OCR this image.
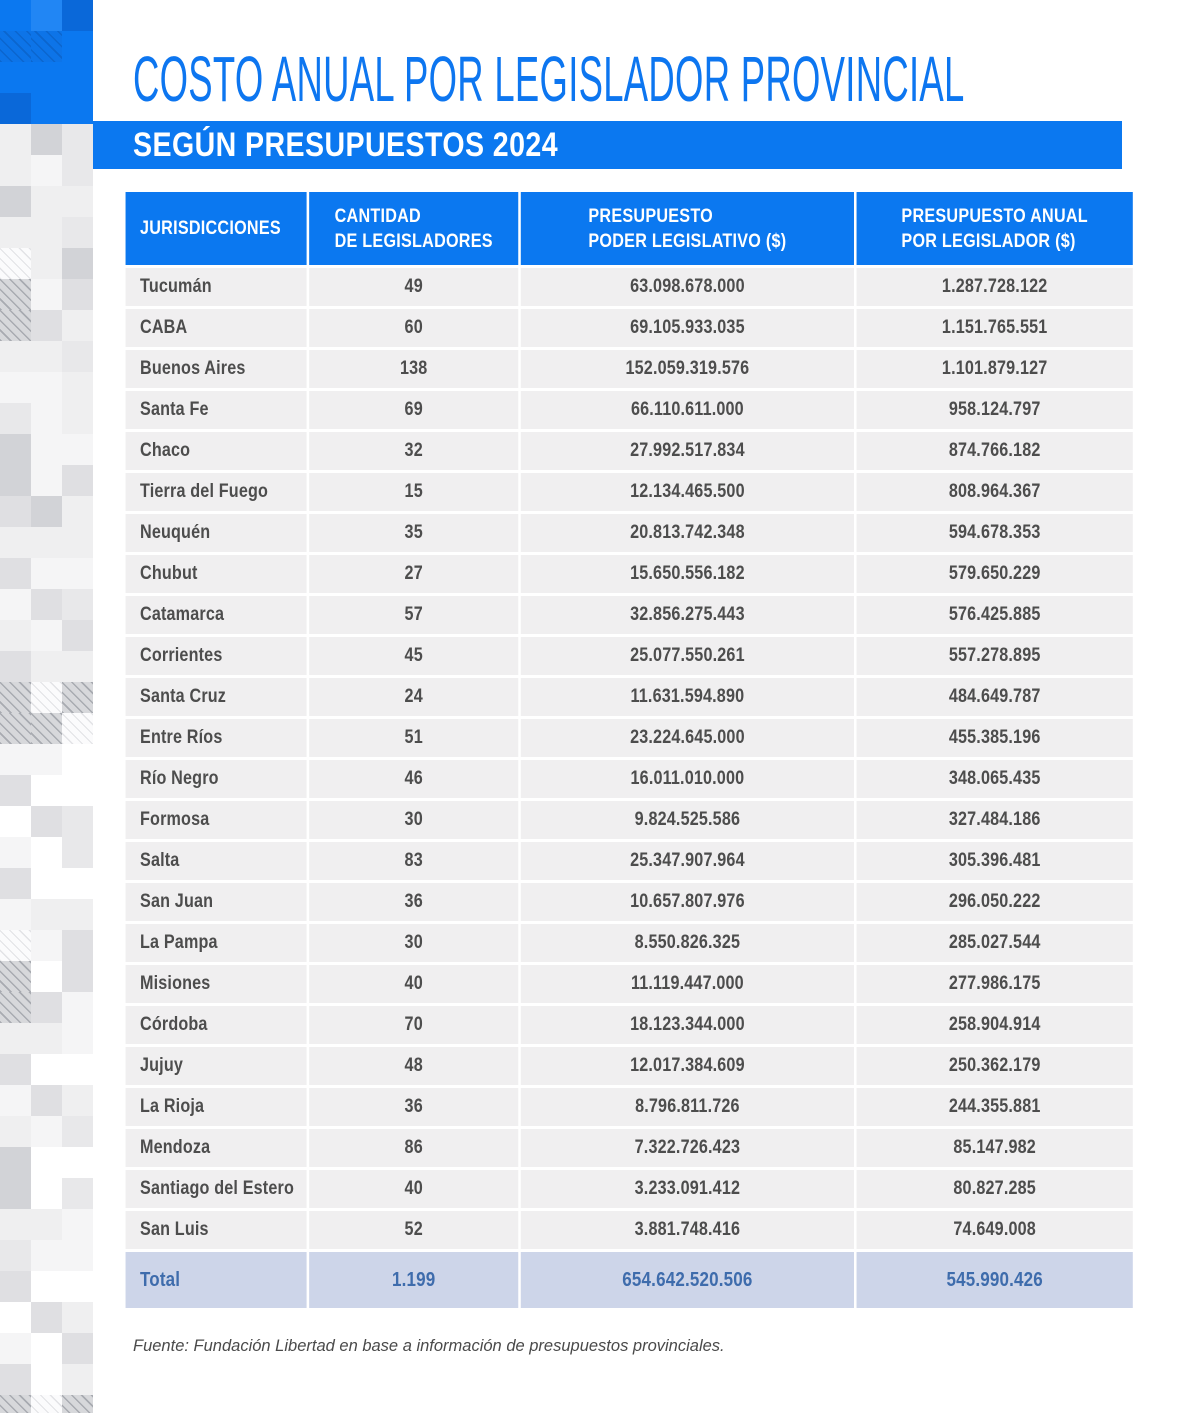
COSTO ANUAL POR LEGISLADOR PROVINCIAL
SEGÚN PRESUPUESTOS 2024
JURISDICCIONES

CANTIDAD
DE LEGISLADORES

PRESUPUESTO
PODER LEGISLATIVO ($)

PRESUPUESTO ANUAL
POR LEGISLADOR ($)

Tucumán	49	63.098.678.000	1.287.728.122
CABA	60	69.105.933.035	1.151.765.551
Buenos Aires	138	152.059.319.576	1.101.879.127
Santa Fe	69	66.110.611.000	958.124.797
Chaco	32	27.992.517.834	874.766.182
Tierra del Fuego	15	12.134.465.500	808.964.367
Neuquén	35	20.813.742.348	594.678.353
Chubut	27	15.650.556.182	579.650.229
Catamarca	57	32.856.275.443	576.425.885
Corrientes	45	25.077.550.261	557.278.895
Santa Cruz	24	11.631.594.890	484.649.787
Entre Ríos	51	23.224.645.000	455.385.196
Río Negro	46	16.011.010.000	348.065.435
Formosa	30	9.824.525.586	327.484.186
Salta	83	25.347.907.964	305.396.481
San Juan	36	10.657.807.976	296.050.222
La Pampa	30	8.550.826.325	285.027.544
Misiones	40	11.119.447.000	277.986.175
Córdoba	70	18.123.344.000	258.904.914
Jujuy	48	12.017.384.609	250.362.179
La Rioja	36	8.796.811.726	244.355.881
Mendoza	86	7.322.726.423	85.147.982
Santiago del Estero	40	3.233.091.412	80.827.285
San Luis	52	3.881.748.416	74.649.008
Total	1.199	654.642.520.506	545.990.426

Fuente: Fundación Libertad en base a información de presupuestos provinciales.
